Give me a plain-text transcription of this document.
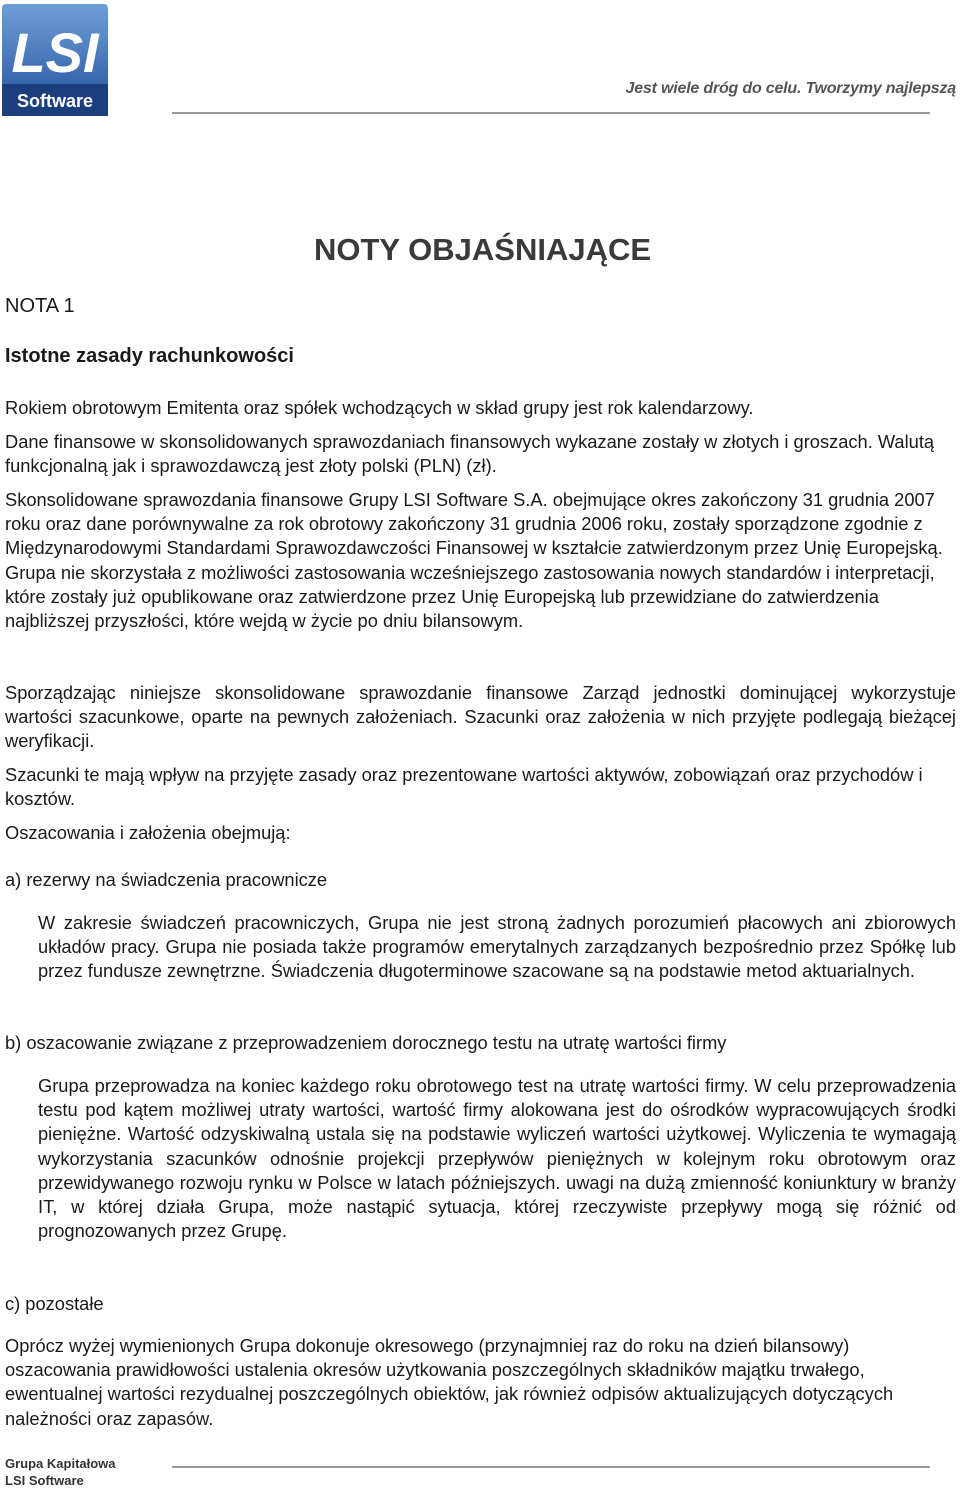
LSI
Software
Jest wiele dróg do celu. Tworzymy najlepszą
NOTY OBJAŚNIAJĄCE
NOTA 1
Istotne zasady rachunkowości

Rokiem obrotowym Emitenta oraz spółek wchodzących w skład grupy jest rok kalendarzowy.

Dane finansowe w skonsolidowanych sprawozdaniach finansowych wykazane zostały w złotych i groszach. Walutą funkcjonalną jak i sprawozdawczą jest złoty polski (PLN) (zł).

Skonsolidowane sprawozdania finansowe Grupy LSI Software S.A. obejmujące okres zakończony 31 grudnia 2007 roku oraz dane porównywalne za rok obrotowy zakończony 31 grudnia 2006 roku, zostały sporządzone zgodnie z Międzynarodowymi Standardami Sprawozdawczości Finansowej w kształcie zatwierdzonym przez Unię Europejską. Grupa nie skorzystała z możliwości zastosowania wcześniejszego zastosowania nowych standardów i interpretacji, które zostały już opublikowane oraz zatwierdzone przez Unię Europejską lub przewidziane do zatwierdzenia najbliższej przyszłości, które wejdą w życie po dniu bilansowym.

Sporządzając niniejsze skonsolidowane sprawozdanie finansowe Zarząd jednostki dominującej wykorzystuje wartości szacunkowe, oparte na pewnych założeniach. Szacunki oraz założenia w nich przyjęte podlegają bieżącej weryfikacji.

Szacunki te mają wpływ na przyjęte zasady oraz prezentowane wartości aktywów, zobowiązań oraz przychodów i kosztów.

Oszacowania i założenia obejmują:

a) rezerwy na świadczenia pracownicze

W zakresie świadczeń pracowniczych, Grupa nie jest stroną żadnych porozumień płacowych ani zbiorowych układów pracy. Grupa nie posiada także programów emerytalnych zarządzanych bezpośrednio przez Spółkę lub przez fundusze zewnętrzne. Świadczenia długoterminowe szacowane są na podstawie metod aktuarialnych.

b) oszacowanie związane z przeprowadzeniem dorocznego testu na utratę wartości firmy

Grupa przeprowadza na koniec każdego roku obrotowego test na utratę wartości firmy. W celu przeprowadzenia testu pod kątem możliwej utraty wartości, wartość firmy alokowana jest do ośrodków wypracowujących środki pieniężne. Wartość odzyskiwalną ustala się na podstawie wyliczeń wartości użytkowej. Wyliczenia te wymagają wykorzystania szacunków odnośnie projekcji przepływów pieniężnych w kolejnym roku obrotowym oraz przewidywanego rozwoju rynku w Polsce w latach późniejszych. uwagi na dużą zmienność koniunktury w branży IT, w której działa Grupa, może nastąpić sytuacja, której rzeczywiste przepływy mogą się różnić od prognozowanych przez Grupę.

c) pozostałe

Oprócz wyżej wymienionych Grupa dokonuje okresowego (przynajmniej raz do roku na dzień bilansowy) oszacowania prawidłowości ustalenia okresów użytkowania poszczególnych składników majątku trwałego, ewentualnej wartości rezydualnej poszczególnych obiektów, jak również odpisów aktualizujących dotyczących należności oraz zapasów.

Grupa Kapitałowa
LSI Software
